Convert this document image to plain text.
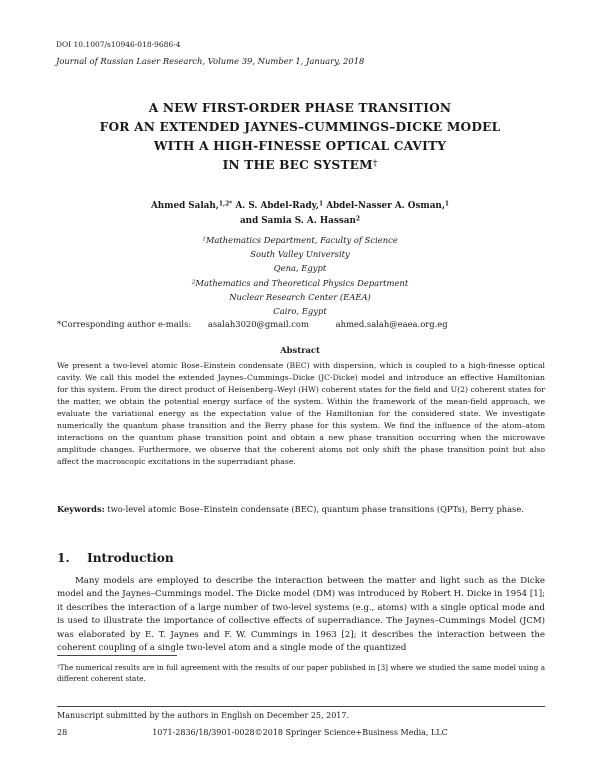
DOI 10.1007/s10946-018-9686-4
Journal of Russian Laser Research, Volume 39, Number 1, January, 2018
A NEW FIRST-ORDER PHASE TRANSITION
FOR AN EXTENDED JAYNES–CUMMINGS–DICKE MODEL
WITH A HIGH-FINESSE OPTICAL CAVITY
IN THE BEC SYSTEM†
Ahmed Salah,$^{1,2*}$ A. S. Abdel-Rady,$^1$ Abdel-Nasser A. Osman,$^1$
and Samia S. A. Hassan$^2$
$^1$Mathematics Department, Faculty of Science
South Valley University
Qena, Egypt
$^2$Mathematics and Theoretical Physics Department
Nuclear Research Center (EAEA)
Cairo, Egypt
*Corresponding author e-mails: asalah3020@gmail.com	ahmed.salah@eaea.org.eg
Abstract
We present a two-level atomic Bose–Einstein condensate (BEC) with dispersion, which is coupled to a high-finesse optical cavity. We call this model the extended Jaynes–Cummings–Dicke (JC-Dicke) model and introduce an effective Hamiltonian for this system. From the direct product of Heisenberg–Weyl (HW) coherent states for the field and U(2) coherent states for the matter, we obtain the potential energy surface of the system. Within the framework of the mean-field approach, we evaluate the variational energy as the expectation value of the Hamiltonian for the considered state. We investigate numerically the quantum phase transition and the Berry phase for this system. We find the influence of the atom–atom interactions on the quantum phase transition point and obtain a new phase transition occurring when the microwave amplitude changes. Furthermore, we observe that the coherent atoms not only shift the phase transition point but also affect the macroscopic excitations in the superradiant phase.
Keywords: two-level atomic Bose–Einstein condensate (BEC), quantum phase transitions (QPTs), Berry phase.
1. Introduction
Many models are employed to describe the interaction between the matter and light such as the Dicke model and the Jaynes–Cummings model. The Dicke model (DM) was introduced by Robert H. Dicke in 1954 [1]; it describes the interaction of a large number of two-level systems (e.g., atoms) with a single optical mode and is used to illustrate the importance of collective effects of superradiance. The Jaynes–Cummings Model (JCM) was elaborated by E. T. Jaynes and F. W. Cummings in 1963 [2]; it describes the interaction between the coherent coupling of a single two-level atom and a single mode of the quantized
†The numerical results are in full agreement with the results of our paper published in [3] where we studied the same model using a different coherent state.
Manuscript submitted by the authors in English on December 25, 2017.
28	1071-2836/18/3901-0028©2018 Springer Science+Business Media, LLC
